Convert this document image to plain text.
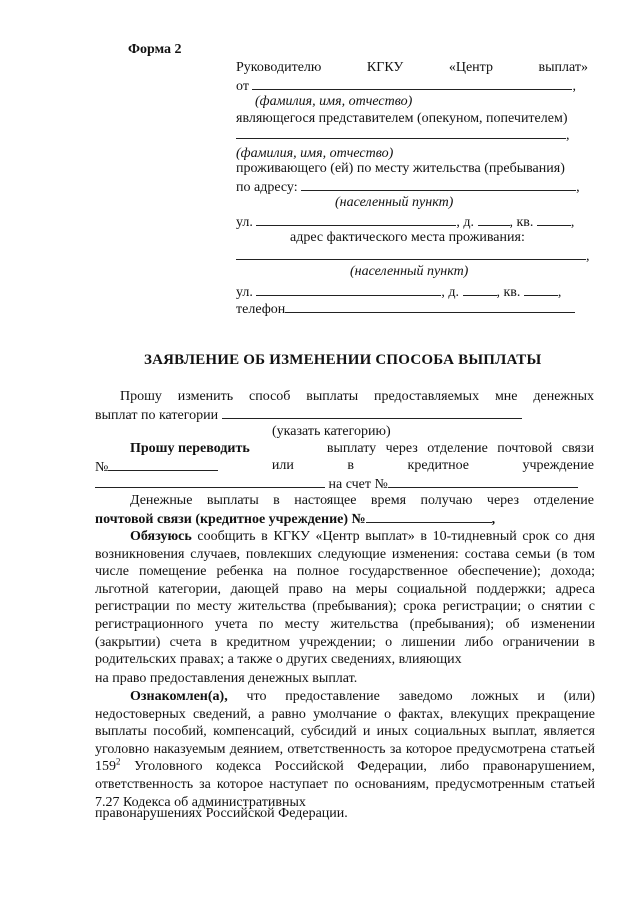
Форма 2
Руководителю	КГКУ	«Центр	выплат»
от	,
(фамилия, имя, отчество)
являющегося представителем (опекуном, попечителем)
,
(фамилия, имя, отчество)
проживающего (ей) по месту жительства (пребывания)
по адресу:	,
(населенный пункт)
ул.	, д.	, кв.	,
адрес фактического места проживания:
,
(населенный пункт)
ул.	, д.	, кв.	,
телефон
ЗАЯВЛЕНИЕ ОБ ИЗМЕНЕНИИ СПОСОБА ВЫПЛАТЫ
Прошу изменить способ выплаты предоставляемых мне денежных
выплат по категории
(указать категорию)
Прошу переводить	выплату через отделение почтовой связи
№	или	в	кредитное	учреждение
на счет №
Денежные выплаты в настоящее время получаю через отделение
почтовой связи (кредитное учреждение) №	,
Обязуюсь сообщить в КГКУ «Центр выплат» в 10-тидневный срок со дня возникновения случаев, повлекших следующие изменения: состава семьи (в том числе помещение ребенка на полное государственное обеспечение); дохода; льготной категории, дающей право на меры социальной поддержки; адреса регистрации по месту жительства (пребывания); срока регистрации; о снятии с регистрационного учета по месту жительства (пребывания); об изменении (закрытии) счета в кредитном учреждении; о лишении либо ограничении в родительских правах; а также о других сведениях, влияющих
на право предоставления денежных выплат.
Ознакомлен(а), что предоставление заведомо ложных и (или) недостоверных сведений, а равно умолчание о фактах, влекущих прекращение выплаты пособий, компенсаций, субсидий и иных социальных выплат, является уголовно наказуемым деянием, ответственность за которое предусмотрена статьей $159^2$ Уголовного кодекса Российской Федерации, либо правонарушением, ответственность за которое наступает по основаниям, предусмотренным статьей 7.27 Кодекса об административных
правонарушениях Российской Федерации.
